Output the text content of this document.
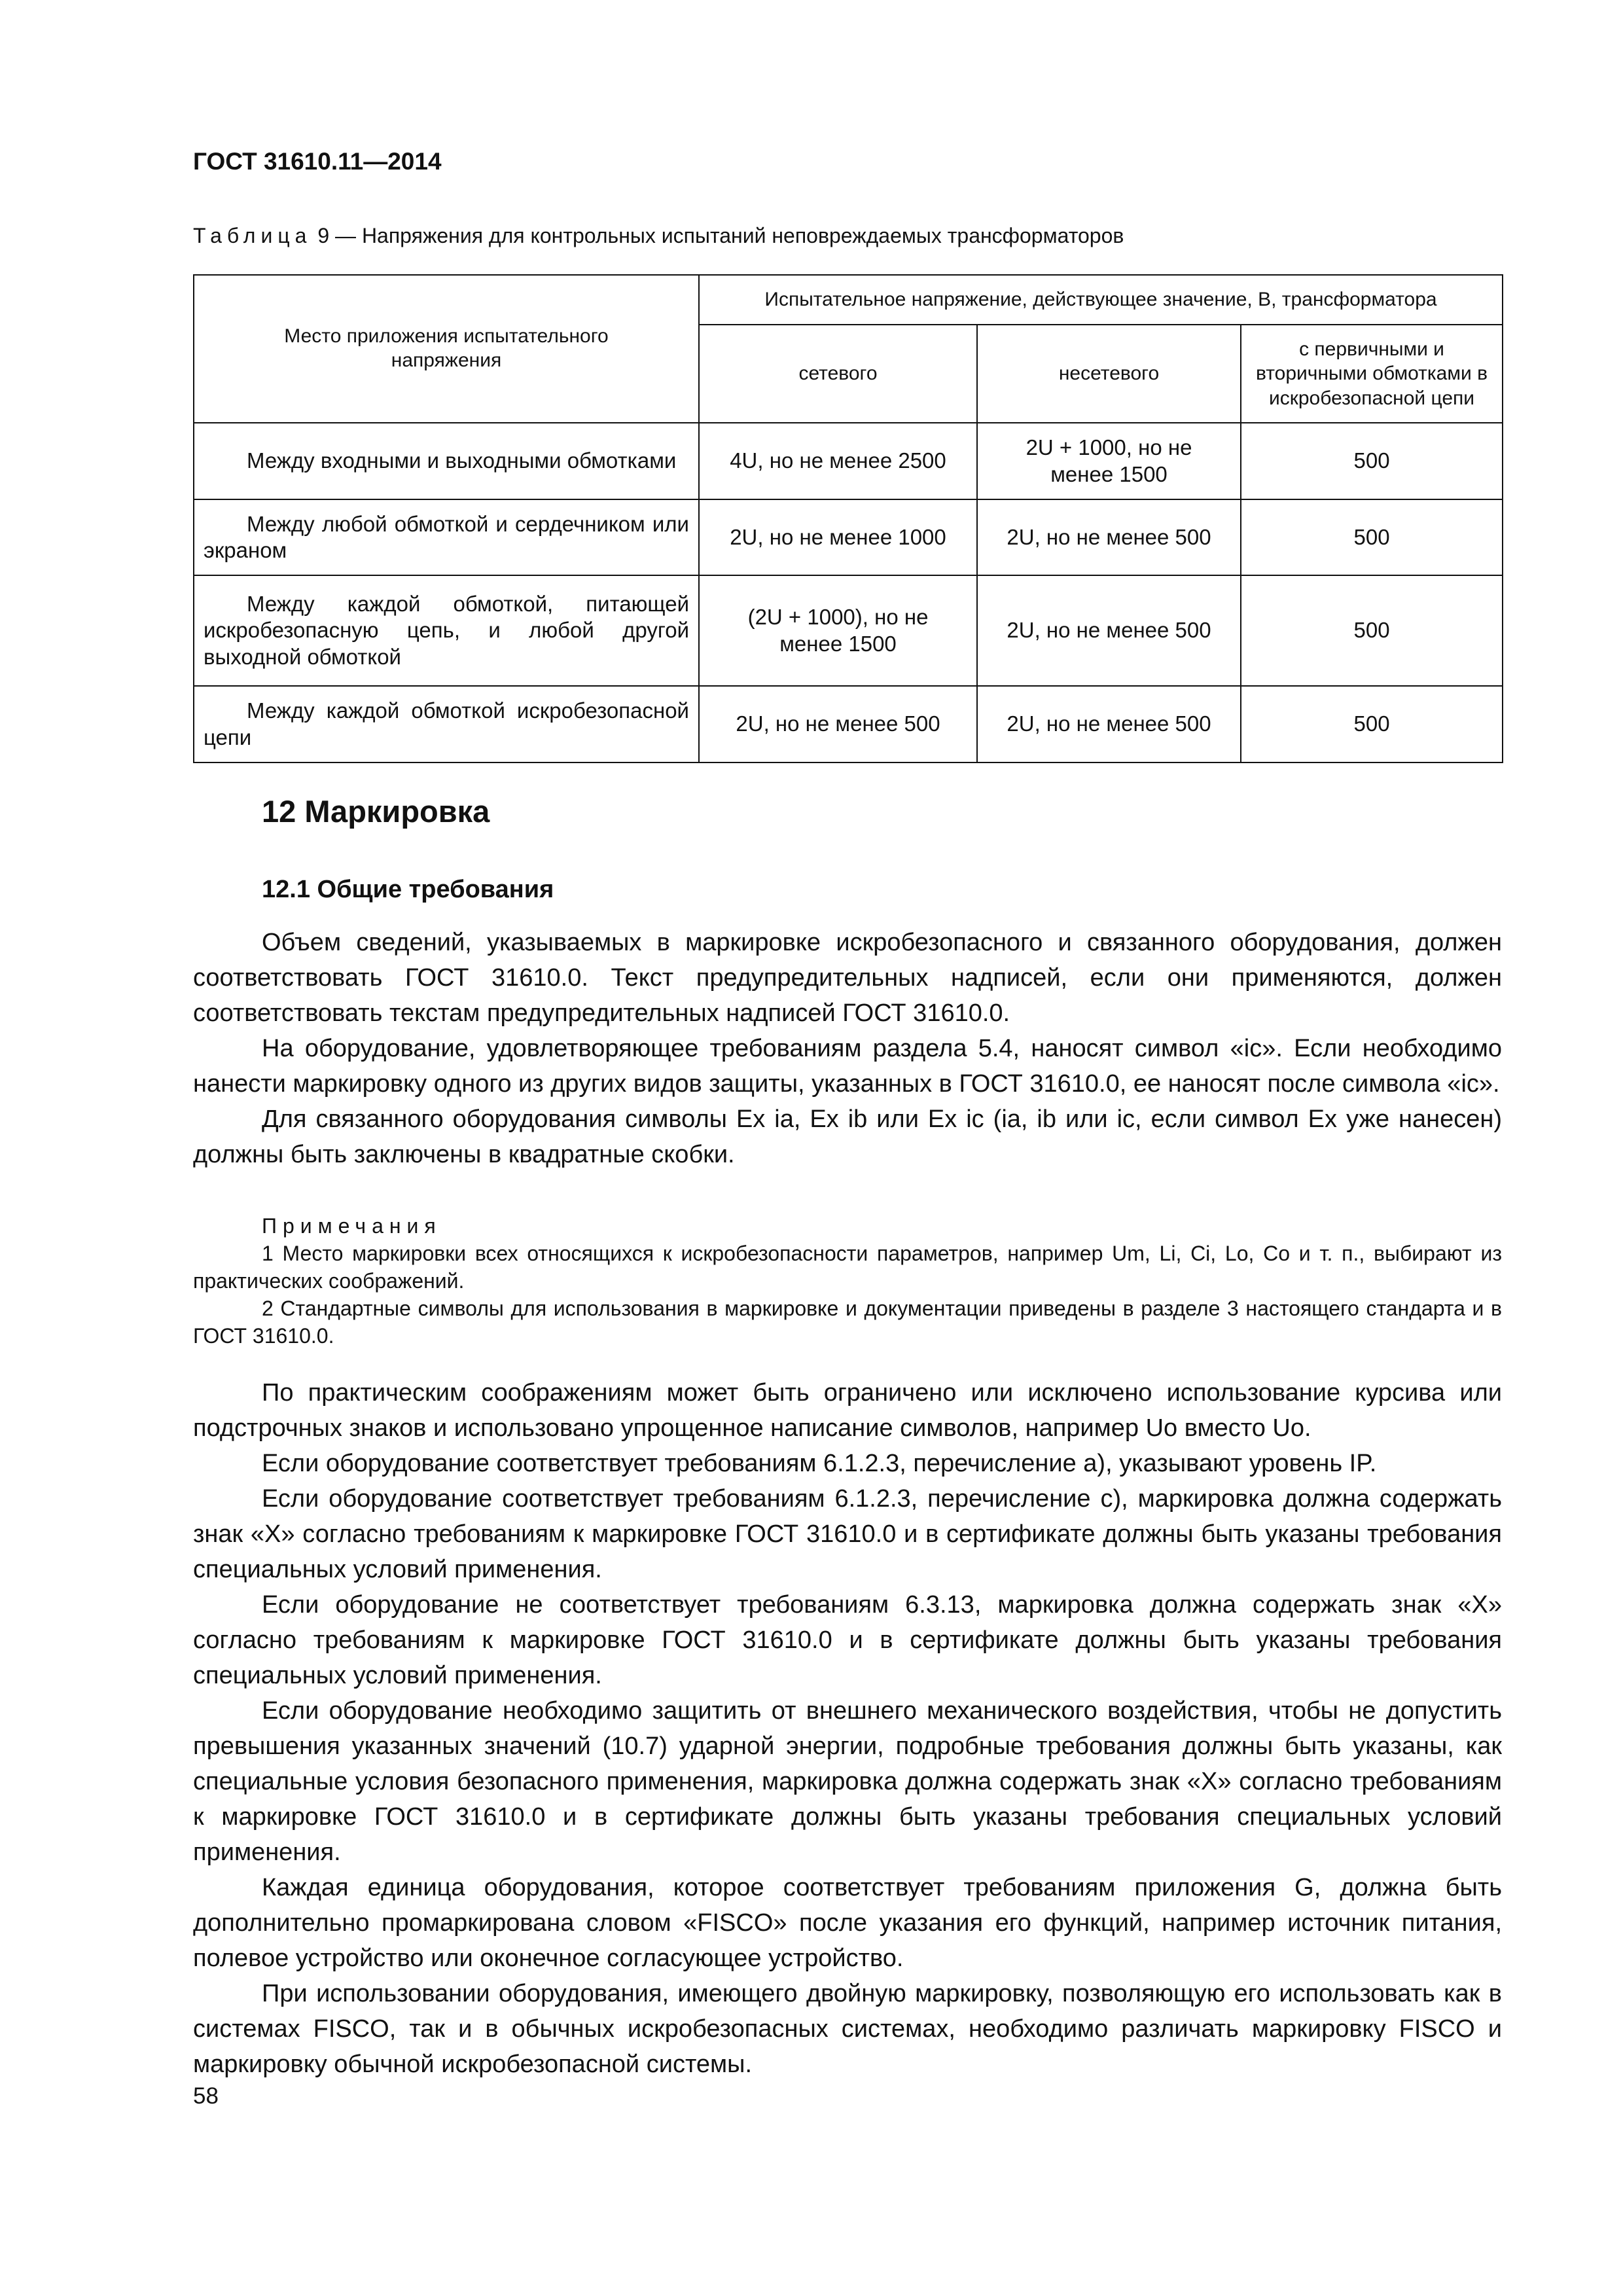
ГОСТ 31610.11—2014
Таблица 9 — Напряжения для контрольных испытаний неповреждаемых трансформаторов
Место приложения испытательного напряжения	Испытательное напряжение, действующее значение, В, трансформатора		
	сетевого	несетевого	с первичными и вторичными обмотками в искробезопасной цепи
Между входными и выходными обмотками	4U, но не менее 2500	2U + 1000, но не менее 1500	500
Между любой обмоткой и сердечником или экраном	2U, но не менее 1000	2U, но не менее 500	500
Между каждой обмоткой, питающей искробезопасную цепь, и любой другой выходной обмоткой	(2U + 1000), но не менее 1500	2U, но не менее 500	500
Между каждой обмоткой искробезопасной цепи	2U, но не менее 500	2U, но не менее 500	500
12 Маркировка
12.1 Общие требования

Объем сведений, указываемых в маркировке искробезопасного и связанного оборудования, должен соответствовать ГОСТ 31610.0. Текст предупредительных надписей, если они применяются, должен соответствовать текстам предупредительных надписей ГОСТ 31610.0.

На оборудование, удовлетворяющее требованиям раздела 5.4, наносят символ «ic». Если необходимо нанести маркировку одного из других видов защиты, указанных в ГОСТ 31610.0, ее наносят после символа «ic».

Для связанного оборудования символы Ex ia, Ex ib или Ex ic (ia, ib или ic, если символ Ex уже нанесен) должны быть заключены в квадратные скобки.

Примечания

1 Место маркировки всех относящихся к искробезопасности параметров, например Um, Li, Ci, Lo, Co и т. п., выбирают из практических соображений.

2 Стандартные символы для использования в маркировке и документации приведены в разделе 3 настоящего стандарта и в ГОСТ 31610.0.

По практическим соображениям может быть ограничено или исключено использование курсива или подстрочных знаков и использовано упрощенное написание символов, например Uo вместо Uo.

Если оборудование соответствует требованиям 6.1.2.3, перечисление a), указывают уровень IP.

Если оборудование соответствует требованиям 6.1.2.3, перечисление c), маркировка должна содержать знак «X» согласно требованиям к маркировке ГОСТ 31610.0 и в сертификате должны быть указаны требования специальных условий применения.

Если оборудование не соответствует требованиям 6.3.13, маркировка должна содержать знак «X» согласно требованиям к маркировке ГОСТ 31610.0 и в сертификате должны быть указаны требования специальных условий применения.

Если оборудование необходимо защитить от внешнего механического воздействия, чтобы не допустить превышения указанных значений (10.7) ударной энергии, подробные требования должны быть указаны, как специальные условия безопасного применения, маркировка должна содержать знак «X» согласно требованиям к маркировке ГОСТ 31610.0 и в сертификате должны быть указаны требования специальных условий применения.

Каждая единица оборудования, которое соответствует требованиям приложения G, должна быть дополнительно промаркирована словом «FISCO» после указания его функций, например источник питания, полевое устройство или оконечное согласующее устройство.

При использовании оборудования, имеющего двойную маркировку, позволяющую его использовать как в системах FISCO, так и в обычных искробезопасных системах, необходимо различать маркировку FISCO и маркировку обычной искробезопасной системы.

58
